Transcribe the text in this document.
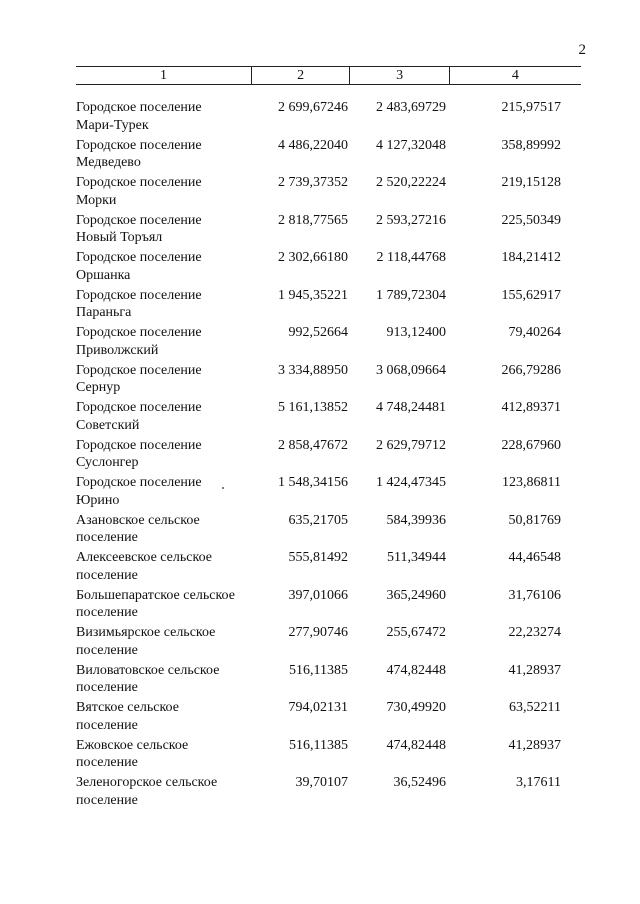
2
1	2	3	4
Городское поселение
Мари-Турек
2 699,67246	2 483,69729	215,97517
Городское поселение
Медведево
4 486,22040	4 127,32048	358,89992
Городское поселение
Морки
2 739,37352	2 520,22224	219,15128
Городское поселение
Новый Торъял
2 818,77565	2 593,27216	225,50349
Городское поселение
Оршанка
2 302,66180	2 118,44768	184,21412
Городское поселение
Параньга
1 945,35221	1 789,72304	155,62917
Городское поселение
Приволжский
992,52664	913,12400	79,40264
Городское поселение
Сернур
3 334,88950	3 068,09664	266,79286
Городское поселение
Советский
5 161,13852	4 748,24481	412,89371
Городское поселение
Суслонгер
2 858,47672	2 629,79712	228,67960
Городское поселение
Юрино
1 548,34156	1 424,47345	123,86811
Азановское сельское
поселение
635,21705	584,39936	50,81769
Алексеевское сельское
поселение
555,81492	511,34944	44,46548
Большепаратское сельское
поселение
397,01066	365,24960	31,76106
Визимьярское сельское
поселение
277,90746	255,67472	22,23274
Виловатовское сельское
поселение
516,11385	474,82448	41,28937
Вятское сельское
поселение
794,02131	730,49920	63,52211
Ежовское сельское
поселение
516,11385	474,82448	41,28937
Зеленогорское сельское
поселение
39,70107	36,52496	3,17611
